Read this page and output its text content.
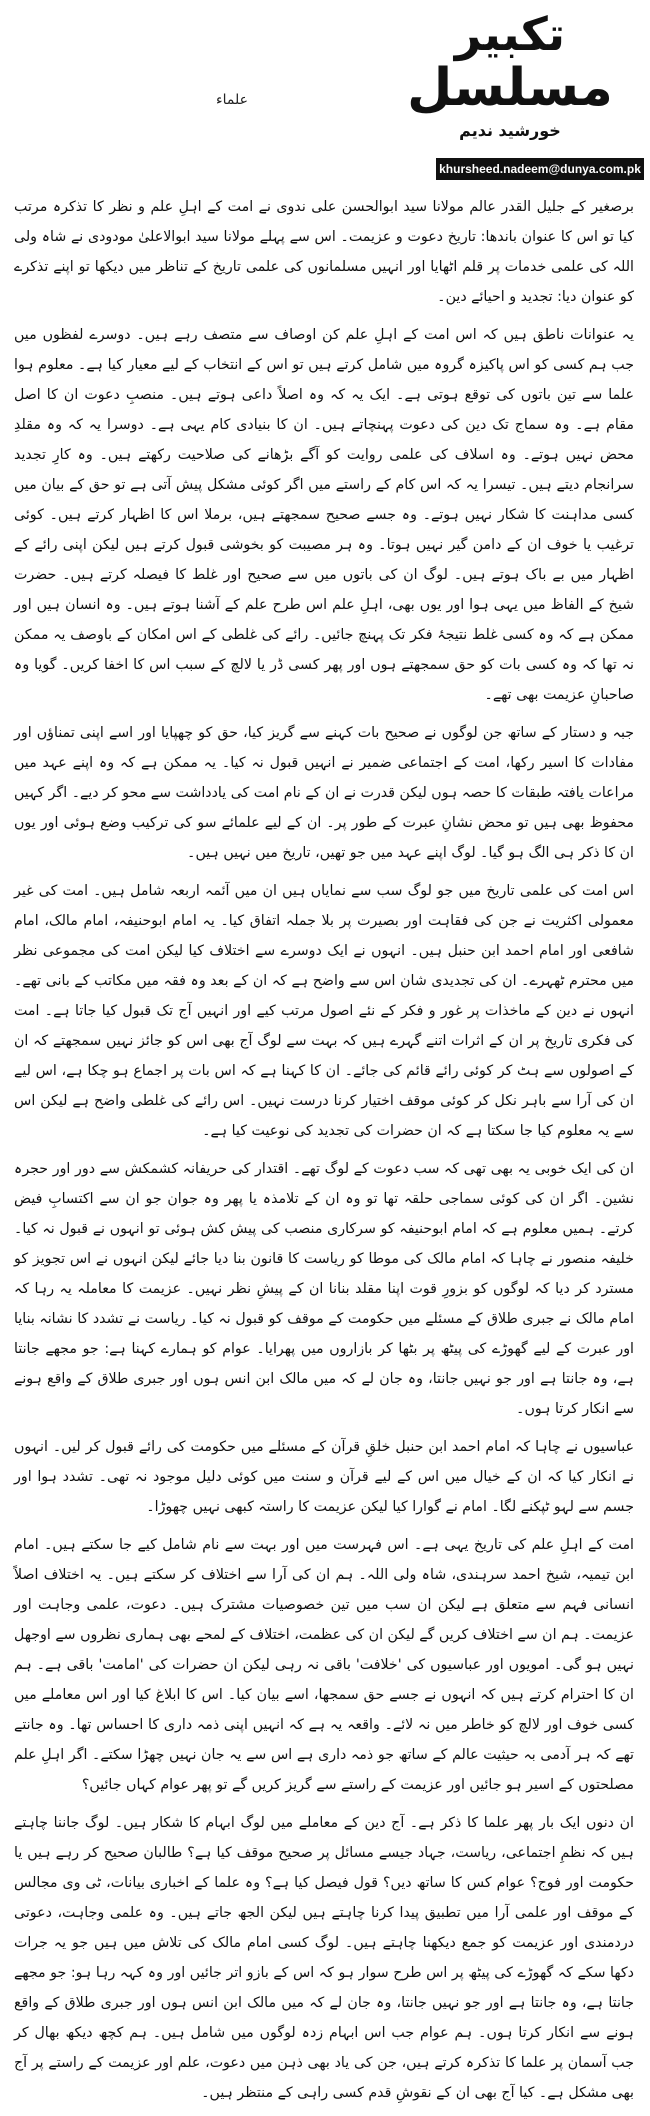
تکبیر
مسلسل
خورشید ندیم
علماء
khursheed.nadeem@dunya.com.pk

برصغیر کے جلیل القدر عالم مولانا سید ابوالحسن علی ندوی نے امت کے اہلِ علم و نظر کا تذکرہ مرتب کیا تو اس کا عنوان باندھا: تاریخ دعوت و عزیمت۔ اس سے پہلے مولانا سید ابوالاعلیٰ مودودی نے شاہ ولی اللہ کی علمی خدمات پر قلم اٹھایا اور انہیں مسلمانوں کی علمی تاریخ کے تناظر میں دیکھا تو اپنے تذکرے کو عنوان دیا: تجدید و احیائے دین۔

یہ عنوانات ناطق ہیں کہ اس امت کے اہلِ علم کن اوصاف سے متصف رہے ہیں۔ دوسرے لفظوں میں جب ہم کسی کو اس پاکیزہ گروہ میں شامل کرتے ہیں تو اس کے انتخاب کے لیے معیار کیا ہے۔ معلوم ہوا علما سے تین باتوں کی توقع ہوتی ہے۔ ایک یہ کہ وہ اصلاً داعی ہوتے ہیں۔ منصبِ دعوت ان کا اصل مقام ہے۔ وہ سماج تک دین کی دعوت پہنچاتے ہیں۔ ان کا بنیادی کام یہی ہے۔ دوسرا یہ کہ وہ مقلدِ محض نہیں ہوتے۔ وہ اسلاف کی علمی روایت کو آگے بڑھانے کی صلاحیت رکھتے ہیں۔ وہ کارِ تجدید سرانجام دیتے ہیں۔ تیسرا یہ کہ اس کام کے راستے میں اگر کوئی مشکل پیش آتی ہے تو حق کے بیان میں کسی مداہنت کا شکار نہیں ہوتے۔ وہ جسے صحیح سمجھتے ہیں، برملا اس کا اظہار کرتے ہیں۔ کوئی ترغیب یا خوف ان کے دامن گیر نہیں ہوتا۔ وہ ہر مصیبت کو بخوشی قبول کرتے ہیں لیکن اپنی رائے کے اظہار میں بے باک ہوتے ہیں۔ لوگ ان کی باتوں میں سے صحیح اور غلط کا فیصلہ کرتے ہیں۔ حضرت شیخ کے الفاظ میں یہی ہوا اور یوں بھی، اہلِ علم اس طرح علم کے آشنا ہوتے ہیں۔ وہ انسان ہیں اور ممکن ہے کہ وہ کسی غلط نتیجۂ فکر تک پہنچ جائیں۔ رائے کی غلطی کے اس امکان کے باوصف یہ ممکن نہ تھا کہ وہ کسی بات کو حق سمجھتے ہوں اور پھر کسی ڈر یا لالچ کے سبب اس کا اخفا کریں۔ گویا وہ صاحبانِ عزیمت بھی تھے۔

جبہ و دستار کے ساتھ جن لوگوں نے صحیح بات کہنے سے گریز کیا، حق کو چھپایا اور اسے اپنی تمناؤں اور مفادات کا اسیر رکھا، امت کے اجتماعی ضمیر نے انہیں قبول نہ کیا۔ یہ ممکن ہے کہ وہ اپنے عہد میں مراعات یافتہ طبقات کا حصہ ہوں لیکن قدرت نے ان کے نام امت کی یادداشت سے محو کر دیے۔ اگر کہیں محفوظ بھی ہیں تو محض نشانِ عبرت کے طور پر۔ ان کے لیے علمائے سو کی ترکیب وضع ہوئی اور یوں ان کا ذکر ہی الگ ہو گیا۔ لوگ اپنے عہد میں جو تھیں، تاریخ میں نہیں ہیں۔

اس امت کی علمی تاریخ میں جو لوگ سب سے نمایاں ہیں ان میں آئمہ اربعہ شامل ہیں۔ امت کی غیر معمولی اکثریت نے جن کی فقاہت اور بصیرت پر بلا جملہ اتفاق کیا۔ یہ امام ابوحنیفہ، امام مالک، امام شافعی اور امام احمد ابن حنبل ہیں۔ انہوں نے ایک دوسرے سے اختلاف کیا لیکن امت کی مجموعی نظر میں محترم ٹھہرے۔ ان کی تجدیدی شان اس سے واضح ہے کہ ان کے بعد وہ فقہ میں مکاتب کے بانی تھے۔ انہوں نے دین کے ماخذات پر غور و فکر کے نئے اصول مرتب کیے اور انہیں آج تک قبول کیا جاتا ہے۔ امت کی فکری تاریخ پر ان کے اثرات اتنے گہرے ہیں کہ بہت سے لوگ آج بھی اس کو جائز نہیں سمجھتے کہ ان کے اصولوں سے ہٹ کر کوئی رائے قائم کی جائے۔ ان کا کہنا ہے کہ اس بات پر اجماع ہو چکا ہے، اس لیے ان کی آرا سے باہر نکل کر کوئی موقف اختیار کرنا درست نہیں۔ اس رائے کی غلطی واضح ہے لیکن اس سے یہ معلوم کیا جا سکتا ہے کہ ان حضرات کی تجدید کی نوعیت کیا ہے۔

ان کی ایک خوبی یہ بھی تھی کہ سب دعوت کے لوگ تھے۔ اقتدار کی حریفانہ کشمکش سے دور اور حجرہ نشین۔ اگر ان کی کوئی سماجی حلقہ تھا تو وہ ان کے تلامذہ یا پھر وہ جوان جو ان سے اکتسابِ فیض کرتے۔ ہمیں معلوم ہے کہ امام ابوحنیفہ کو سرکاری منصب کی پیش کش ہوئی تو انہوں نے قبول نہ کیا۔ خلیفہ منصور نے چاہا کہ امام مالک کی موطا کو ریاست کا قانون بنا دیا جائے لیکن انہوں نے اس تجویز کو مسترد کر دیا کہ لوگوں کو بزورِ قوت اپنا مقلد بنانا ان کے پیشِ نظر نہیں۔ عزیمت کا معاملہ یہ رہا کہ امام مالک نے جبری طلاق کے مسئلے میں حکومت کے موقف کو قبول نہ کیا۔ ریاست نے تشدد کا نشانہ بنایا اور عبرت کے لیے گھوڑے کی پیٹھ پر بٹھا کر بازاروں میں پھرایا۔ عوام کو ہمارے کہنا ہے: جو مجھے جانتا ہے، وہ جانتا ہے اور جو نہیں جانتا، وہ جان لے کہ میں مالک ابن انس ہوں اور جبری طلاق کے واقع ہونے سے انکار کرتا ہوں۔

عباسیوں نے چاہا کہ امام احمد ابن حنبل خلقِ قرآن کے مسئلے میں حکومت کی رائے قبول کر لیں۔ انہوں نے انکار کیا کہ ان کے خیال میں اس کے لیے قرآن و سنت میں کوئی دلیل موجود نہ تھی۔ تشدد ہوا اور جسم سے لہو ٹپکنے لگا۔ امام نے گوارا کیا لیکن عزیمت کا راستہ کبھی نہیں چھوڑا۔

امت کے اہلِ علم کی تاریخ یہی ہے۔ اس فہرست میں اور بہت سے نام شامل کیے جا سکتے ہیں۔ امام ابن تیمیہ، شیخ احمد سرہندی، شاہ ولی اللہ۔ ہم ان کی آرا سے اختلاف کر سکتے ہیں۔ یہ اختلاف اصلاً انسانی فہم سے متعلق ہے لیکن ان سب میں تین خصوصیات مشترک ہیں۔ دعوت، علمی وجاہت اور عزیمت۔ ہم ان سے اختلاف کریں گے لیکن ان کی عظمت، اختلاف کے لمحے بھی ہماری نظروں سے اوجھل نہیں ہو گی۔ امویوں اور عباسیوں کی 'خلافت' باقی نہ رہی لیکن ان حضرات کی 'امامت' باقی ہے۔ ہم ان کا احترام کرتے ہیں کہ انہوں نے جسے حق سمجھا، اسے بیان کیا۔ اس کا ابلاغ کیا اور اس معاملے میں کسی خوف اور لالچ کو خاطر میں نہ لائے۔ واقعہ یہ ہے کہ انہیں اپنی ذمہ داری کا احساس تھا۔ وہ جانتے تھے کہ ہر آدمی بہ حیثیت عالم کے ساتھ جو ذمہ داری ہے اس سے یہ جان نہیں چھڑا سکتے۔ اگر اہلِ علم مصلحتوں کے اسیر ہو جائیں اور عزیمت کے راستے سے گریز کریں گے تو پھر عوام کہاں جائیں؟

ان دنوں ایک بار پھر علما کا ذکر ہے۔ آج دین کے معاملے میں لوگ ابہام کا شکار ہیں۔ لوگ جاننا چاہتے ہیں کہ نظمِ اجتماعی، ریاست، جہاد جیسے مسائل پر صحیح موقف کیا ہے؟ طالبان صحیح کر رہے ہیں یا حکومت اور فوج؟ عوام کس کا ساتھ دیں؟ قول فیصل کیا ہے؟ وہ علما کے اخباری بیانات، ٹی وی مجالس کے موقف اور علمی آرا میں تطبیق پیدا کرنا چاہتے ہیں لیکن الجھ جاتے ہیں۔ وہ علمی وجاہت، دعوتی دردمندی اور عزیمت کو جمع دیکھنا چاہتے ہیں۔ لوگ کسی امام مالک کی تلاش میں ہیں جو یہ جرات دکھا سکے کہ گھوڑے کی پیٹھ پر اس طرح سوار ہو کہ اس کے بازو اتر جائیں اور وہ کہہ رہا ہو: جو مجھے جانتا ہے، وہ جانتا ہے اور جو نہیں جانتا، وہ جان لے کہ میں مالک ابن انس ہوں اور جبری طلاق کے واقع ہونے سے انکار کرتا ہوں۔ ہم عوام جب اس ابہام زدہ لوگوں میں شامل ہیں۔ ہم کچھ دیکھ بھال کر جب آسمان پر علما کا تذکرہ کرتے ہیں، جن کی یاد بھی ذہن میں دعوت، علم اور عزیمت کے راستے پر آج بھی مشکل ہے۔ کیا آج بھی ان کے نقوشِ قدم کسی راہی کے منتظر ہیں۔
